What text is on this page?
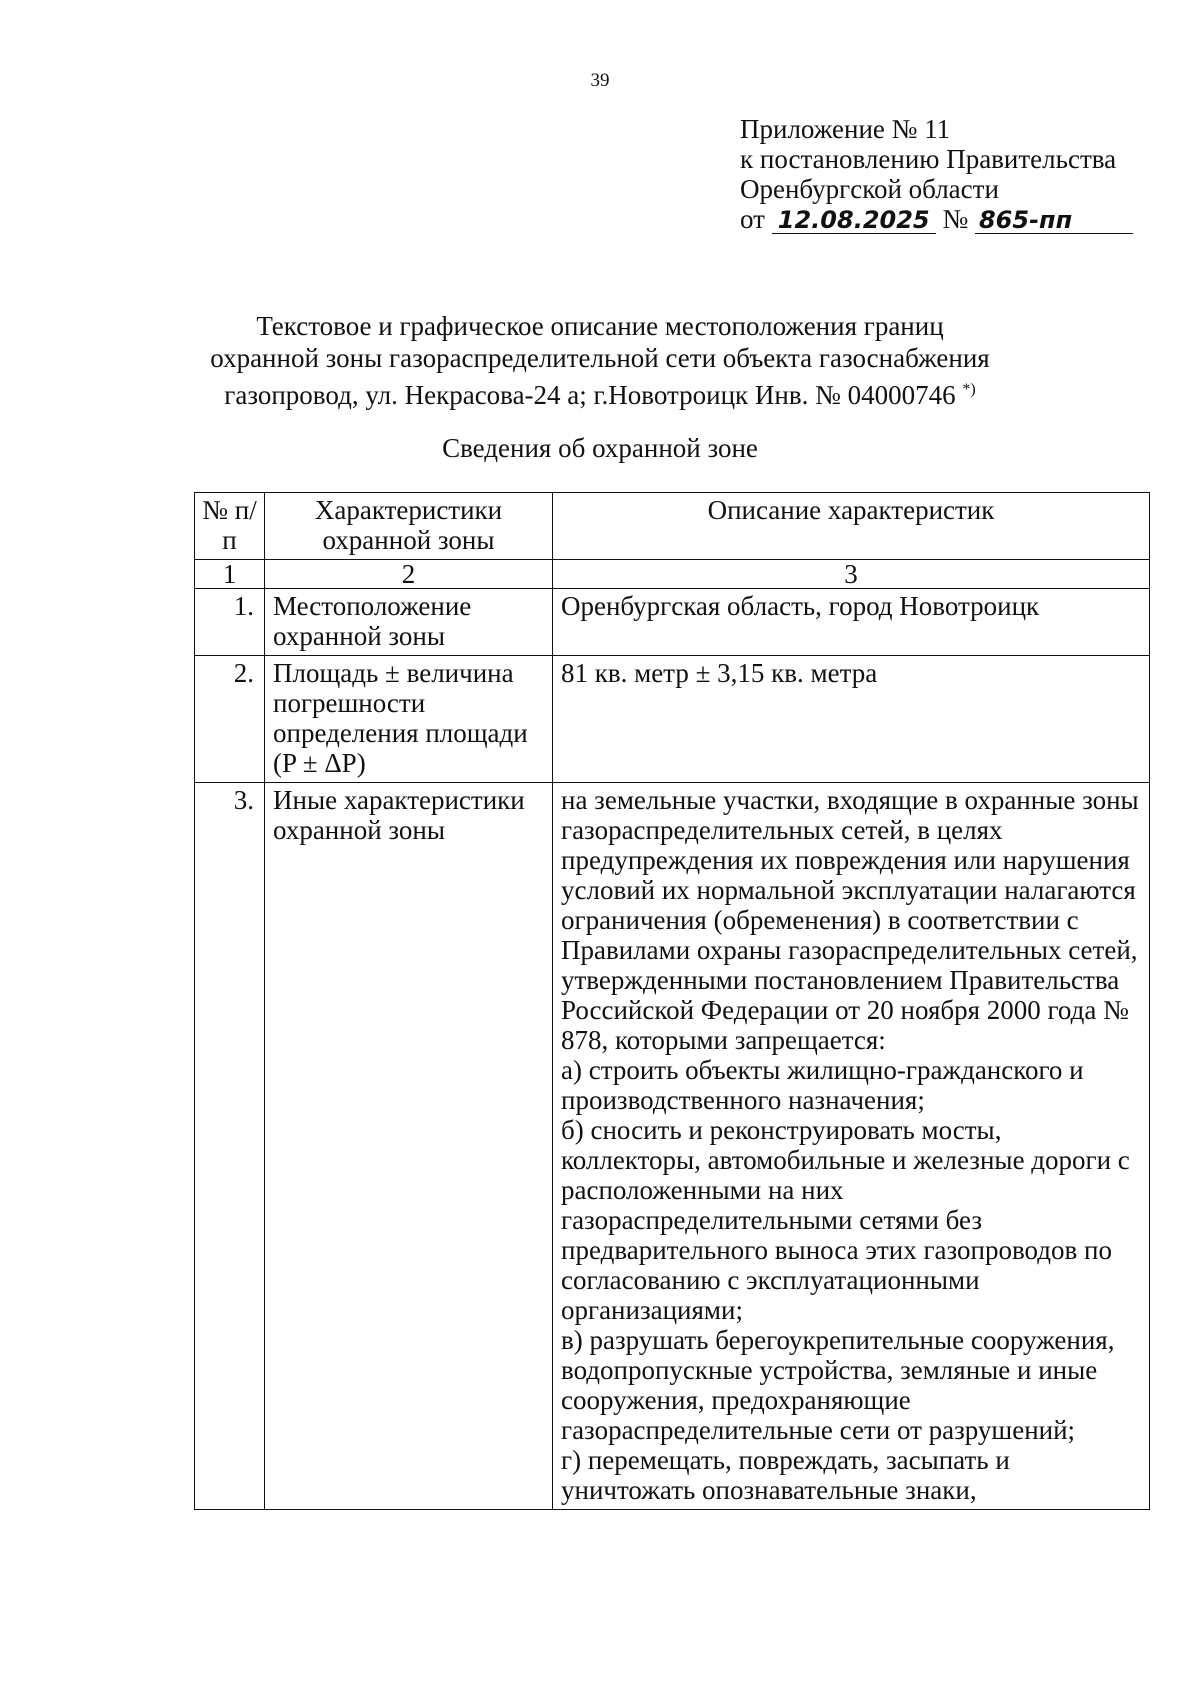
39
Приложение № 11
к постановлению Правительства
Оренбургской области
от 12.08.2025 № 865-пп
Текстовое и графическое описание местоположения границ
охранной зоны газораспределительной сети объекта газоснабжения
газопровод, ул. Некрасова-24 а; г.Новотроицк Инв. № 04000746 *)
Сведения об охранной зоне
№ п/п	Характеристики охранной зоны	Описание характеристик
1	2	3
1.	Местоположение охранной зоны	Оренбургская область, город Новотроицк

2.	Площадь ± величина погрешности определения площади (P ± ΔP)	81 кв. метр ± 3,15 кв. метра

3.	Иные характеристики охранной зоны	на земельные участки, входящие в охранные зоны газораспределительных сетей, в целях предупреждения их повреждения или нарушения условий их нормальной эксплуатации налагаются ограничения (обременения) в соответствии с Правилами охраны газораспределительных сетей, утвержденными постановлением Правительства Российской Федерации от 20 ноября 2000 года № 878, которыми запрещается:

а) строить объекты жилищно-гражданского и производственного назначения;

б) сносить и реконструировать мосты, коллекторы, автомобильные и железные дороги с расположенными на них газораспределительными сетями без предварительного выноса этих газопроводов по согласованию с эксплуатационными организациями;

в) разрушать берегоукрепительные сооружения, водопропускные устройства, земляные и иные сооружения, предохраняющие газораспределительные сети от разрушений;

г) перемещать, повреждать, засыпать и уничтожать опознавательные знаки,
